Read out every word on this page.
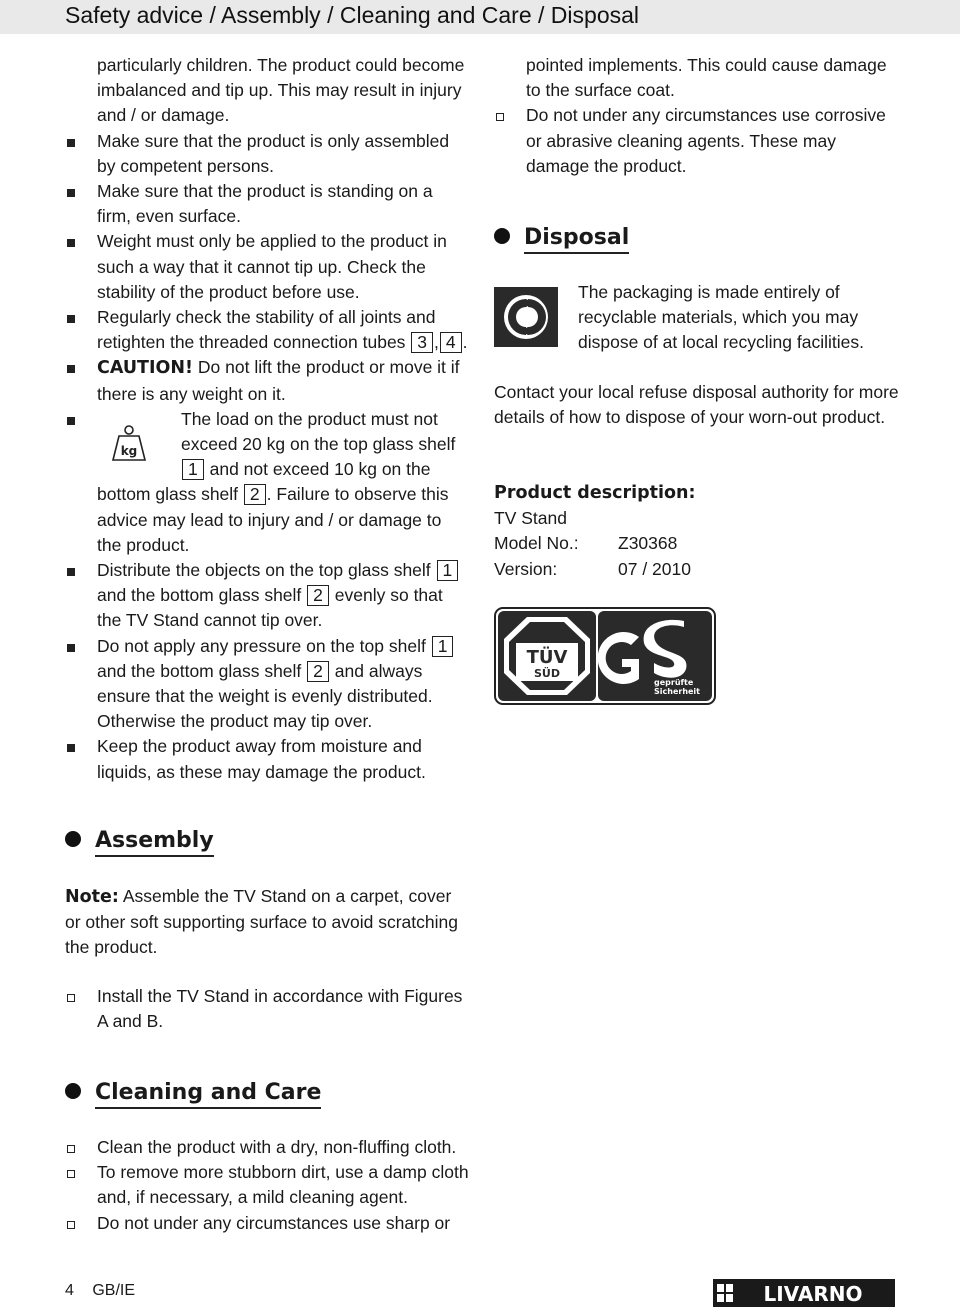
Safety advice / Assembly / Cleaning and Care / Disposal
particularly children. The product could become
imbalanced and tip up. This may result in injury
and / or damage.
Make sure that the product is only assembled by competent persons.
Make sure that the product is standing on a firm, even surface.
Weight must only be applied to the product in such a way that it cannot tip up. Check the stability of the product before use.
Regularly check the stability of all joints and retighten the threaded connection tubes 3 , 4 .
CAUTION! Do not lift the product or move it if there is any weight on it.
The load on the product must not
exceed 20 kg on the top glass shelf
1 and not exceed 10 kg on the
bottom glass shelf 2 . Failure to observe this advice may lead to injury and / or damage to the product.
Distribute the objects on the top glass shelf 1 and the bottom glass shelf 2 evenly so that the TV Stand cannot tip over.
Do not apply any pressure on the top shelf 1 and the bottom glass shelf 2 and always ensure that the weight is evenly distributed. Otherwise the product may tip over.
Keep the product away from moisture and liquids, as these may damage the product.
kg
Assembly
Note: Assemble the TV Stand on a carpet, cover or other soft supporting surface to avoid scratching the product.
Install the TV Stand in accordance with Figures A and B.
Cleaning and Care
Clean the product with a dry, non-fluffing cloth.
To remove more stubborn dirt, use a damp cloth and, if necessary, a mild cleaning agent.
Do not under any circumstances use sharp or
pointed implements. This could cause damage to the surface coat.
Do not under any circumstances use corrosive or abrasive cleaning agents. These may damage the product.
Disposal
The packaging is made entirely of recyclable materials, which you may dispose of at local recycling facilities.
Contact your local refuse disposal authority for more details of how to dispose of your worn-out product.
Product description:
TV Stand
Model No.:	Z30368
Version:	07 / 2010
TÜV
SÜD
geprüfte
Sicherheit
4 GB/IE	LIVARNO
